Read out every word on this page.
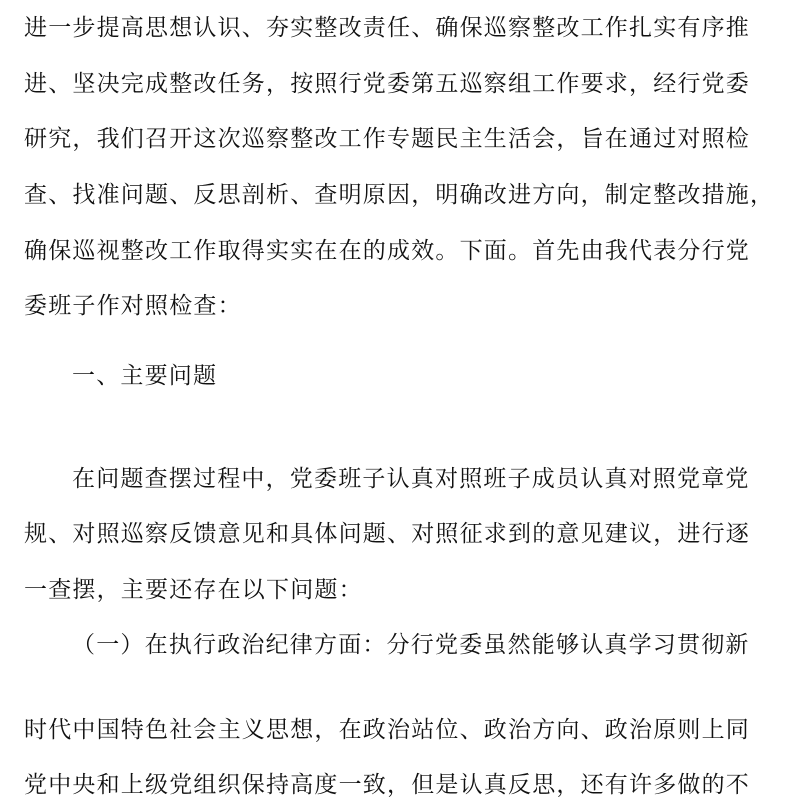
进一步提高思想认识、夯实整改责任、确保巡察整改工作扎实有序推
进、坚决完成整改任务，按照行党委第五巡察组工作要求，经行党委
研究，我们召开这次巡察整改工作专题民主生活会，旨在通过对照检
查、找准问题、反思剖析、查明原因，明确改进方向，制定整改措施，
确保巡视整改工作取得实实在在的成效。下面。首先由我代表分行党
委班子作对照检查：
一、主要问题
在问题查摆过程中，党委班子认真对照班子成员认真对照党章党
规、对照巡察反馈意见和具体问题、对照征求到的意见建议，进行逐
一查摆，主要还存在以下问题：
（一）在执行政治纪律方面：分行党委虽然能够认真学习贯彻新
时代中国特色社会主义思想，在政治站位、政治方向、政治原则上同
党中央和上级党组织保持高度一致，但是认真反思，还有许多做的不
